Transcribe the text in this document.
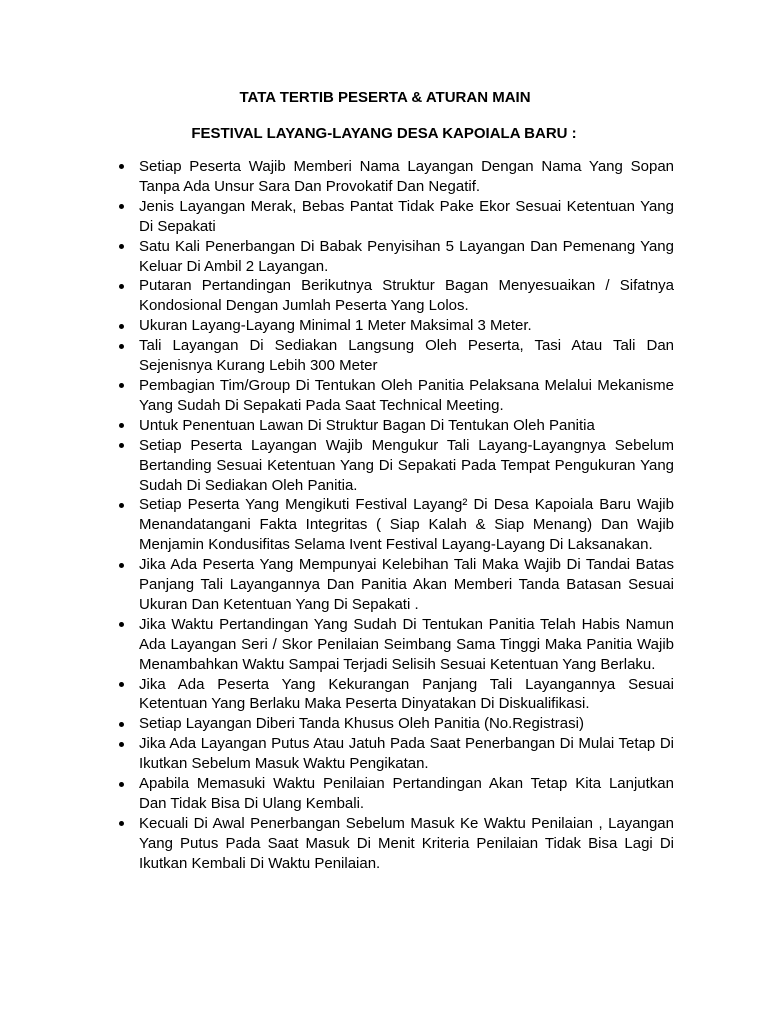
TATA TERTIB PESERTA & ATURAN MAIN
FESTIVAL LAYANG-LAYANG DESA KAPOIALA BARU :
Setiap Peserta Wajib Memberi Nama Layangan Dengan Nama Yang Sopan Tanpa Ada Unsur Sara Dan Provokatif Dan Negatif.
Jenis Layangan Merak, Bebas Pantat Tidak Pake Ekor Sesuai Ketentuan Yang Di Sepakati
Satu Kali Penerbangan Di Babak Penyisihan 5 Layangan Dan Pemenang Yang Keluar Di Ambil 2 Layangan.
Putaran Pertandingan Berikutnya Struktur Bagan Menyesuaikan / Sifatnya Kondosional Dengan Jumlah Peserta Yang Lolos.
Ukuran Layang-Layang Minimal 1 Meter Maksimal 3 Meter.
Tali Layangan Di Sediakan Langsung Oleh Peserta, Tasi Atau Tali Dan Sejenisnya Kurang Lebih 300 Meter
Pembagian Tim/Group Di Tentukan Oleh Panitia Pelaksana Melalui Mekanisme Yang Sudah Di Sepakati Pada Saat Technical Meeting.
Untuk Penentuan Lawan Di Struktur Bagan Di Tentukan Oleh Panitia
Setiap Peserta Layangan Wajib Mengukur Tali Layang-Layangnya Sebelum Bertanding Sesuai Ketentuan Yang Di Sepakati Pada Tempat Pengukuran Yang Sudah Di Sediakan Oleh Panitia.
Setiap Peserta Yang Mengikuti Festival Layang² Di Desa Kapoiala Baru Wajib Menandatangani Fakta Integritas ( Siap Kalah & Siap Menang) Dan Wajib Menjamin Kondusifitas Selama Ivent Festival Layang-Layang Di Laksanakan.
Jika Ada Peserta Yang Mempunyai Kelebihan Tali Maka Wajib Di Tandai Batas Panjang Tali Layangannya Dan Panitia Akan Memberi Tanda Batasan Sesuai Ukuran Dan Ketentuan Yang Di Sepakati .
Jika Waktu Pertandingan Yang Sudah Di Tentukan Panitia Telah Habis Namun Ada Layangan Seri / Skor Penilaian Seimbang Sama Tinggi Maka Panitia Wajib Menambahkan Waktu Sampai Terjadi Selisih Sesuai Ketentuan Yang Berlaku.
Jika Ada Peserta Yang Kekurangan Panjang Tali Layangannya Sesuai Ketentuan Yang Berlaku Maka Peserta Dinyatakan Di Diskualifikasi.
Setiap Layangan Diberi Tanda Khusus Oleh Panitia (No.Registrasi)
Jika Ada Layangan Putus Atau Jatuh Pada Saat Penerbangan Di Mulai Tetap Di Ikutkan Sebelum Masuk Waktu Pengikatan.
Apabila Memasuki Waktu Penilaian Pertandingan Akan Tetap Kita Lanjutkan Dan Tidak Bisa Di Ulang Kembali.
Kecuali Di Awal Penerbangan Sebelum Masuk Ke Waktu Penilaian , Layangan Yang Putus Pada Saat Masuk Di Menit Kriteria Penilaian Tidak Bisa Lagi Di Ikutkan Kembali Di Waktu Penilaian.
